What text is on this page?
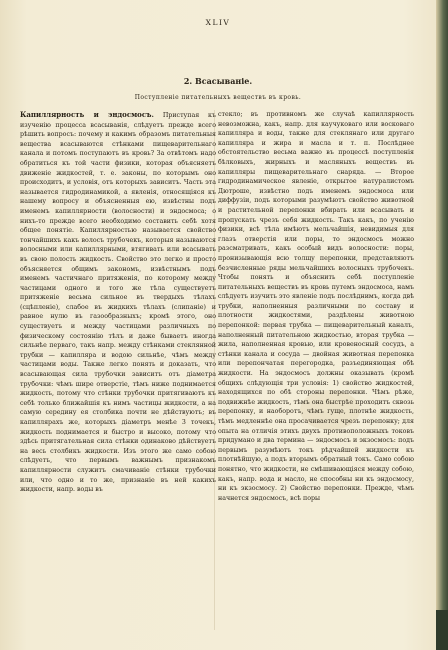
XLIV
2. Всасываніе.
Поступленіе питательныхъ веществъ въ кровь.

Капиллярность и эндосмосъ. Приступая къ изученію процесса всасыванія, слѣдуетъ прежде всего рѣшить вопросъ: почему и какимъ образомъ питательныя вещества всасываются стѣнками пищеварительнаго канала и потомъ поступаютъ въ кровь? За отвѣтомъ надо обратиться къ той части физики, которая объясняетъ движеніе жидкостей, т. е. законы, по которымъ оно происходитъ, и условія, отъ которыхъ зависитъ. Часть эта называется гидродинамикой, а явленія, относящіяся къ нашему вопросу и объясненныя ею, извѣстны подъ именемъ капиллярности (волосности) и эндосмоса; о нихъ-то прежде всего необходимо составить себѣ хотя общее понятіе. Капиллярностью называется свойство тончайшихъ какъ волосъ трубочекъ, которыя называются волосными или капиллярными, втягивать или всасывать въ свою полость жидкость. Свойство это легко и просто объясняется общимъ закономъ, извѣстнымъ подъ именемъ частичнаго притяженія, по которому между частицами одного и того же тѣла существуетъ притяженіе весьма сильное въ твердыхъ тѣлахъ (сцѣпленіе), слабое въ жидкихъ тѣлахъ (слипаніе) и равное нулю въ газообразныхъ; кромѣ этого, оно существуетъ и между частицами различныхъ по физическому состоянію тѣлъ и даже бываетъ иногда сильнѣе перваго, такъ напр. между стѣнками стеклянной трубки — капилляра и водою сильнѣе, чѣмъ между частицами воды. Также легко понять и доказать, что всасывающая сила трубочки зависитъ отъ діаметра трубочки: чѣмъ шире отверстіе, тѣмъ ниже поднимается жидкость, потому что стѣнки трубочки притягиваютъ къ себѣ только ближайшія къ нимъ частицы жидкости, а на самую середину ея столбика почти не дѣйствуютъ; въ капиллярахъ же, которыхъ діаметръ менѣе 3 точекъ, жидкость поднимается и быстро и высоко, потому что здѣсь притягательная сила стѣнки одинаково дѣйствуетъ на весь столбикъ жидкости. Изъ этого же само собою слѣдуетъ, что первымъ важнымъ признакомъ капиллярности служитъ смачиваніе стѣнки трубочки или, что одно и то же, признаніе въ ней какихъ жидкости, напр. воды въ

стекло; въ противномъ же случаѣ капиллярность невозможна, какъ, напр. для каучуковаго или восковаго капилляра и воды, также для стеклянаго или другаго капилляра и жира и масла и т. п. Послѣднее обстоятельство весьма важно въ процессѣ поступленія бѣлковыхъ, жирныхъ и масляныхъ веществъ въ капилляры пищеварительнаго снаряда. — Второе гидродинамическое явленіе, открытое натуралистомъ Дютроше, извѣстно подъ именемъ эндосмоса или диффузіи, подъ которыми разумѣютъ свойство животной и растительной перепонки вбирать или всасывать и пропускать чрезъ себя жидкость. Такъ какъ, по ученію физики, всѣ тѣла имѣютъ мельчайшія, невидимыя для глазъ отверстія или поры, то эндосмосъ можно разсматривать, какъ особый видъ волосности: поры, пронизывающія всю толщу перепонки, представляютъ безчисленные ряды мельчайшихъ волосныхъ трубочекъ. Чтобы понять и объяснить себѣ поступленіе питательныхъ веществъ въ кровь путемъ эндосмоса, намъ слѣдуетъ изучить это явленіе подъ послѣднимъ, когда двѣ трубки, наполненныя различными по составу и плотности жидкостями, раздѣлены животною перепонкой: первая трубка — пищеварительный каналъ, наполненный питательною жидкостью, вторая трубка — жила, наполненная кровью, или кровеносный сосудъ, а стѣнки канала и сосуда — двойная животная перепонка или перепончатая перегородка, разъединяющая обѣ жидкости. На эндосмосъ должны оказывать (кромѣ общихъ слѣдующія три условія: 1) свойство жидкостей, находящихся по обѣ стороны перепонки. Чѣмъ рѣже, подвижнѣе жидкость, тѣмъ она быстрѣе проходитъ сквозь перепонку, и наоборотъ, чѣмъ гуще, плотнѣе жидкость, тѣмъ медленнѣе она просачивается чрезъ перепонку; для опыта на отличія этихъ двухъ противоположныхъ токовъ придумано и два термина — эндосмосъ и экзосмосъ: подъ первымъ разумѣютъ токъ рѣдчайшей жидкости къ плотнѣйшую, а подъ вторымъ обратный токъ. Само собою понятно, что жидкости, не смѣшивающіяся между собою, какъ, напр. вода и масло, не способны ни къ эндосмосу, ни къ экзосмосу. 2) Свойство перепонки. Прежде, чѣмъ начнется эндосмосъ, всѣ поры
